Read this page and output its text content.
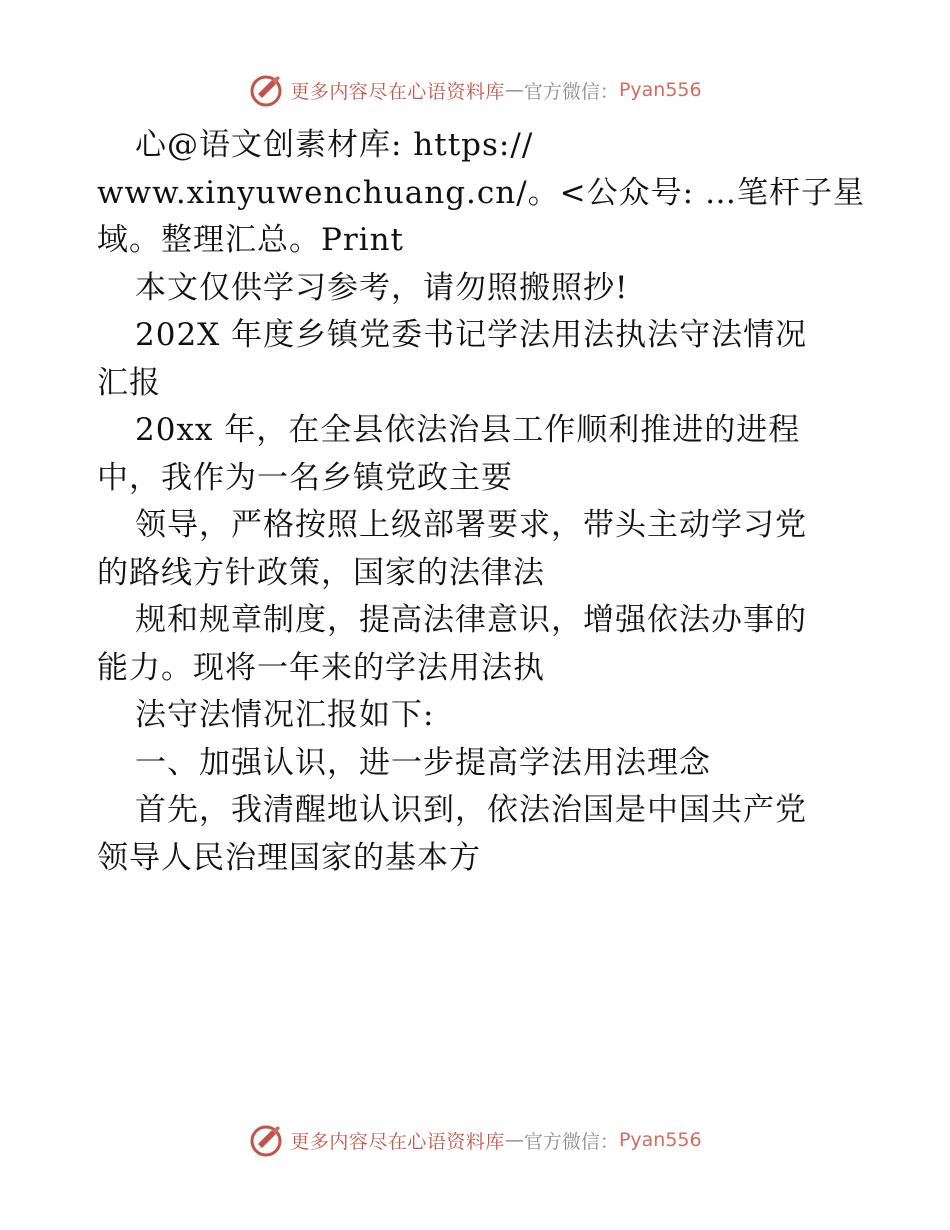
更多内容尽在心语资料库 — 官方微信： Pyan556
心@语文创素材库: https://
www.xinyuwenchuang.cn/。<公众号: …笔杆子星
域。整理汇总。Print
本文仅供学习参考，请勿照搬照抄!
202X 年度乡镇党委书记学法用法执法守法情况
汇报
20xx 年，在全县依法治县工作顺利推进的进程
中，我作为一名乡镇党政主要
领导，严格按照上级部署要求，带头主动学习党
的路线方针政策，国家的法律法
规和规章制度，提高法律意识，增强依法办事的
能力。现将一年来的学法用法执
法守法情况汇报如下:
一、加强认识，进一步提高学法用法理念
首先，我清醒地认识到，依法治国是中国共产党
领导人民治理国家的基本方
更多内容尽在心语资料库 — 官方微信： Pyan556
